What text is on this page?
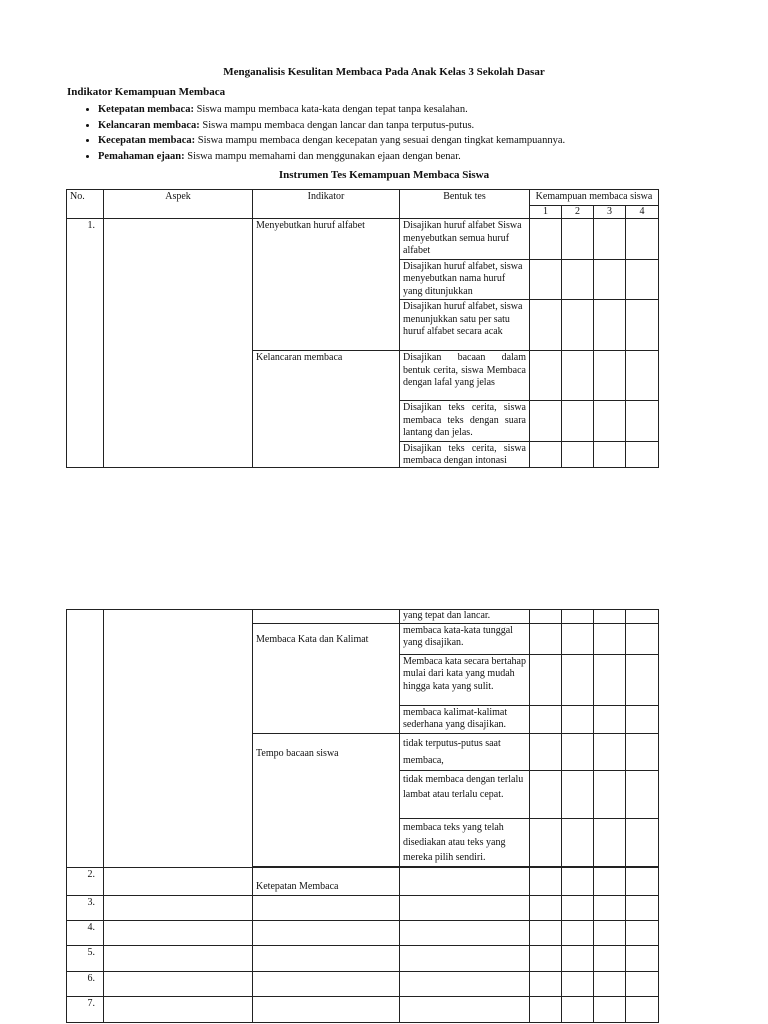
Menganalisis Kesulitan Membaca Pada Anak Kelas 3 Sekolah Dasar
Indikator Kemampuan Membaca
• Ketepatan membaca: Siswa mampu membaca kata-kata dengan tepat tanpa kesalahan.
• Kelancaran membaca: Siswa mampu membaca dengan lancar dan tanpa terputus-putus.
• Kecepatan membaca: Siswa mampu membaca dengan kecepatan yang sesuai dengan tingkat kemampuannya.
• Pemahaman ejaan: Siswa mampu memahami dan menggunakan ejaan dengan benar.
Instrumen Tes Kemampuan Membaca Siswa
No.	Aspek	Indikator	Bentuk tes	Kemampuan membaca siswa			
				1	2	3	4
1.		Menyebutkan huruf alfabet	Disajikan huruf alfabet Siswa menyebutkan semua huruf alfabet				
			Disajikan huruf alfabet, siswa menyebutkan nama huruf yang ditunjukkan				
			Disajikan huruf alfabet, siswa menunjukkan satu per satu huruf alfabet secara acak				
		Kelancaran membaca	Disajikan bacaan dalam bentuk cerita, siswa Membaca dengan lafal yang jelas				
			Disajikan teks cerita, siswa membaca teks dengan suara lantang dan jelas.				

			Disajikan teks cerita, siswa membaca dengan intonasi				

			yang tepat dan lancar.				
		Membaca Kata dan Kalimat	membaca kata-kata tunggal yang disajikan.				
			Membaca kata secara bertahap mulai dari kata yang mudah hingga kata yang sulit.				
			membaca kalimat-kalimat sederhana yang disajikan.				
		Tempo bacaan siswa	tidak terputus-putus saat membaca,				
			tidak membaca dengan terlalu lambat atau terlalu cepat.				
			membaca teks yang telah disediakan atau teks yang mereka pilih sendiri.				

2.		Ketepatan Membaca					
3.							
4.							
5.							
6.							
7.							
